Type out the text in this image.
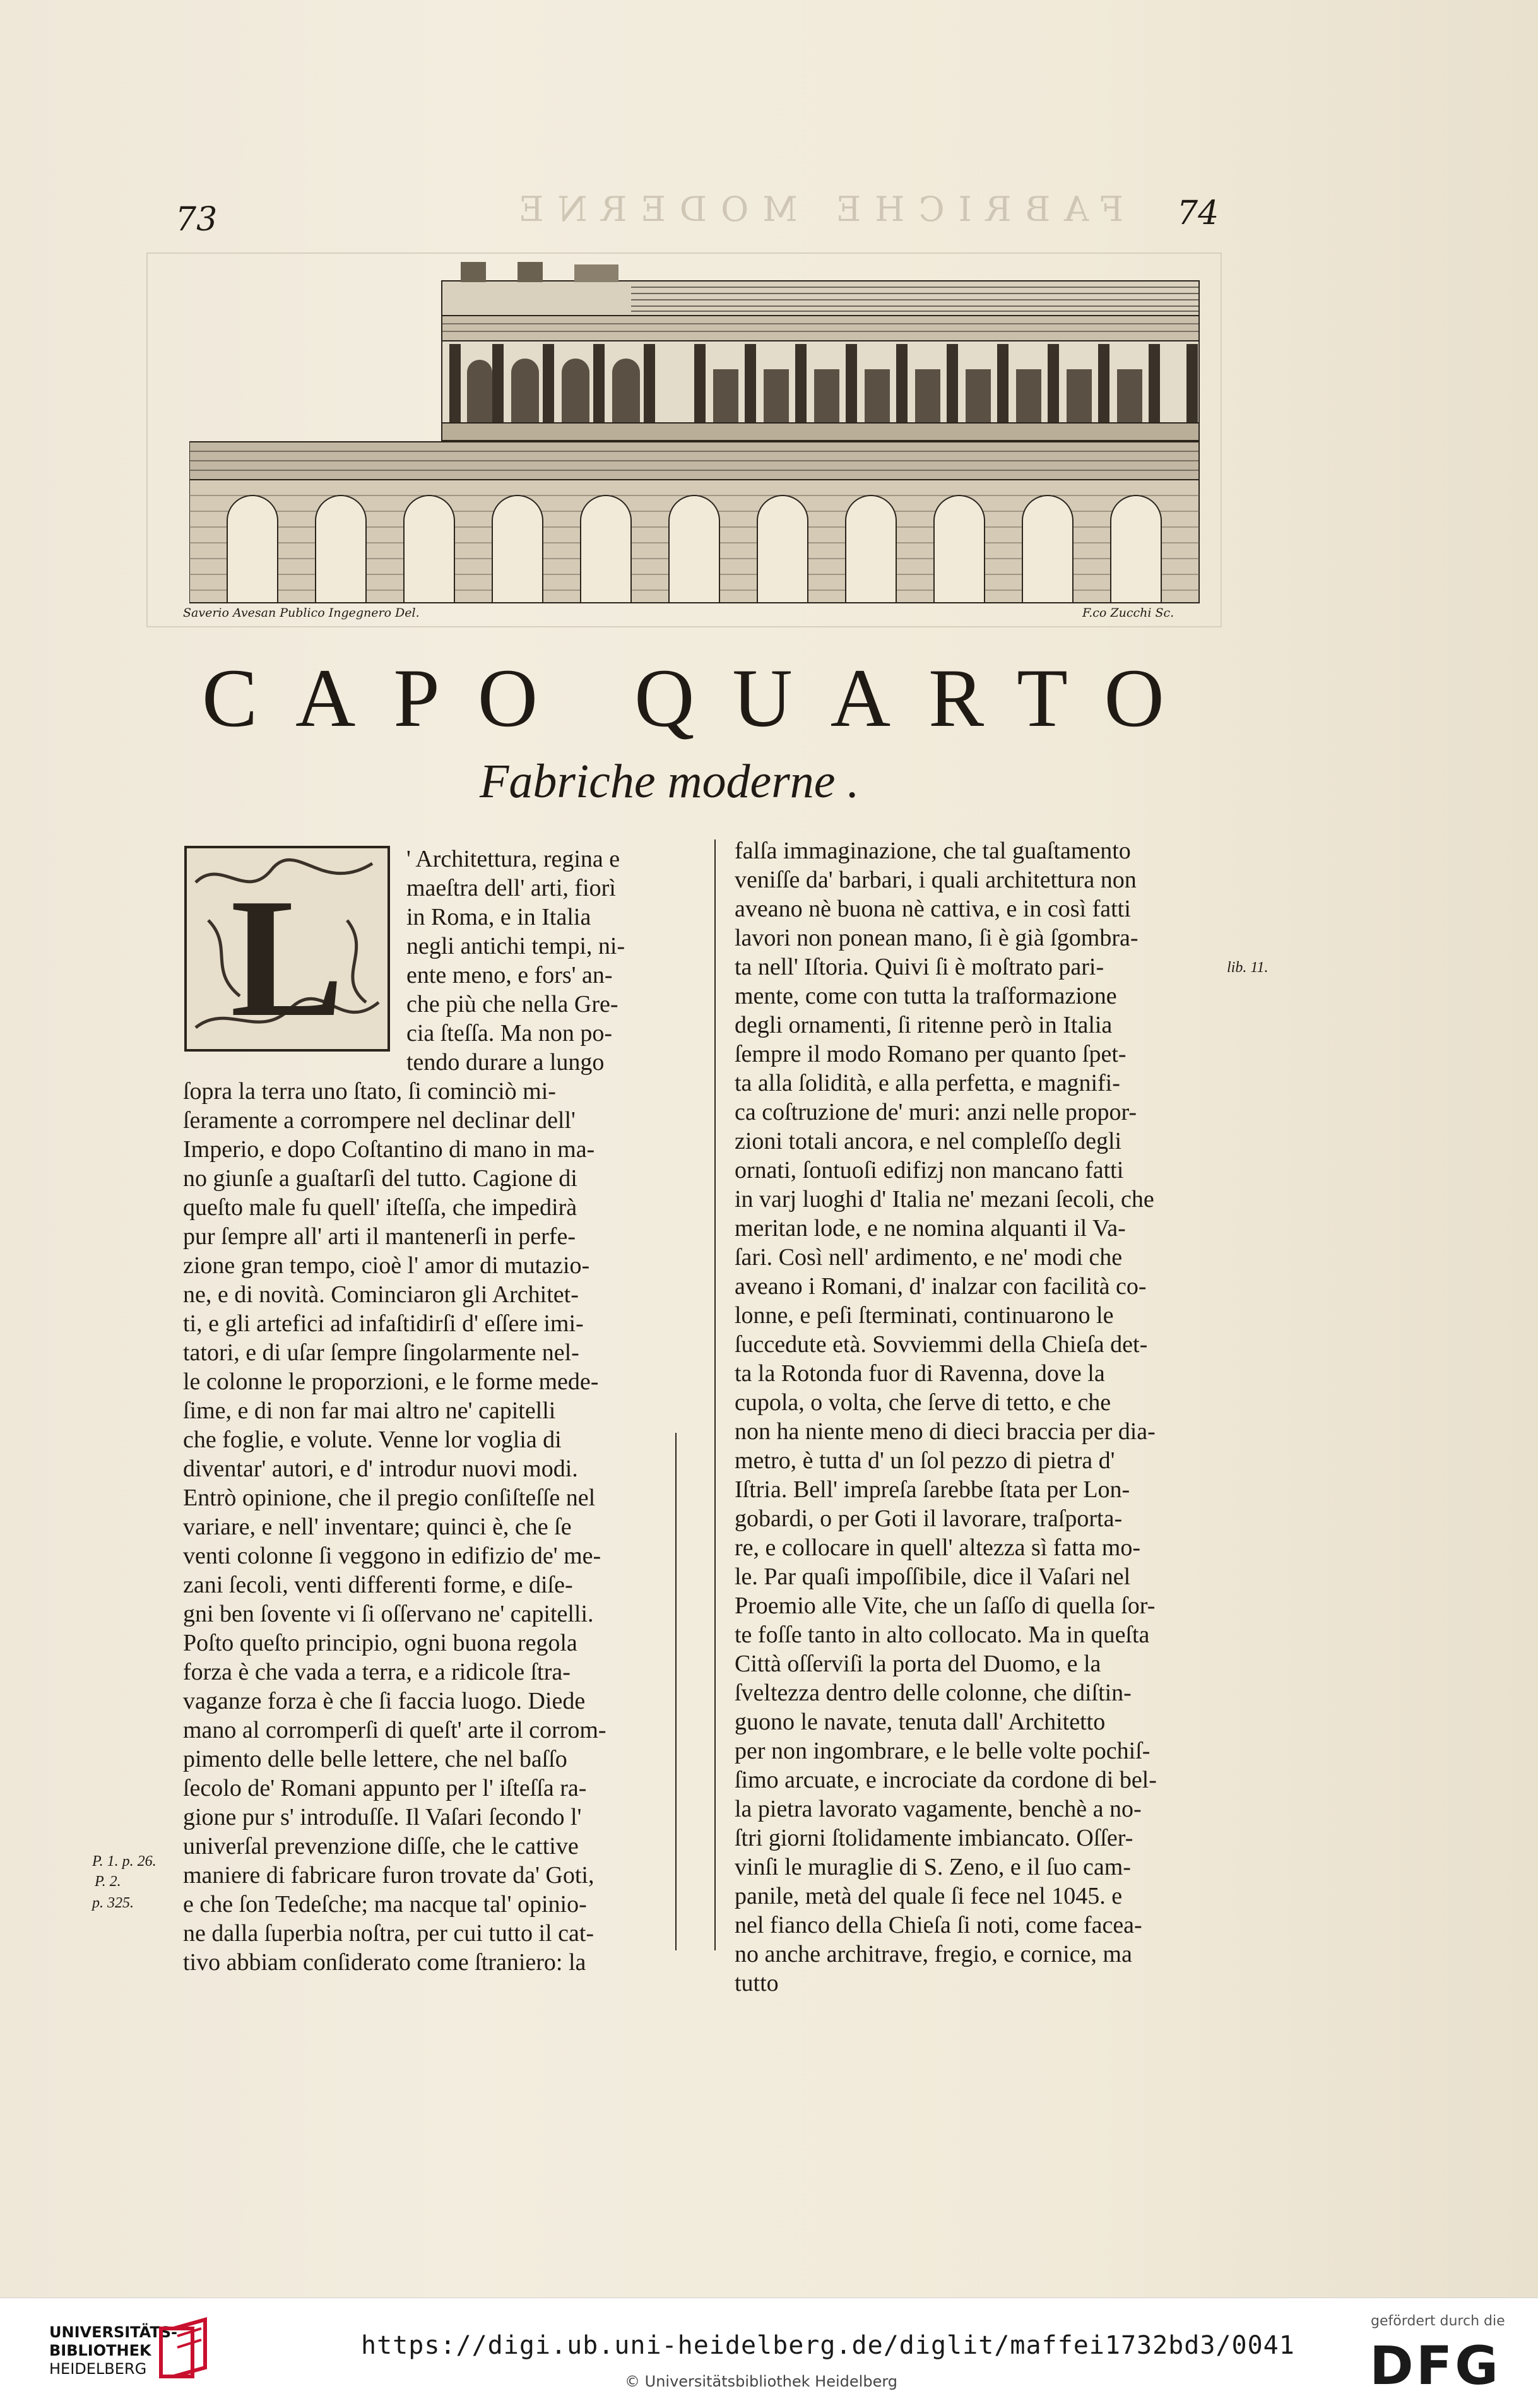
FABRICHE MODERNE
73	74
Saverio Avesan Publico Ingegnero Del.	F.co Zucchi Sc.
CAPO QUARTO
Fabriche moderne .
L
' Architettura, regina e
maeſtra dell' arti, fiorì
in Roma, e in Italia
negli antichi tempi, ni-
ente meno, e fors' an-
che più che nella Gre-
cia ſteſſa. Ma non po-
tendo durare a lungo
ſopra la terra uno ſtato, ſi cominciò mi-
ſeramente a corrompere nel declinar dell'
Imperio, e dopo Coſtantino di mano in ma-
no giunſe a guaſtarſi del tutto. Cagione di
queſto male fu quell' iſteſſa, che impedirà
pur ſempre all' arti il mantenerſi in perfe-
zione gran tempo, cioè l' amor di mutazio-
ne, e di novità. Cominciaron gli Architet-
ti, e gli artefici ad infaſtidirſi d' eſſere imi-
tatori, e di uſar ſempre ſingolarmente nel-
le colonne le proporzioni, e le forme mede-
ſime, e di non far mai altro ne' capitelli
che foglie, e volute. Venne lor voglia di
diventar' autori, e d' introdur nuovi modi.
Entrò opinione, che il pregio conſiſteſſe nel
variare, e nell' inventare; quinci è, che ſe
venti colonne ſi veggono in edifizio de' me-
zani ſecoli, venti differenti forme, e diſe-
gni ben ſovente vi ſi oſſervano ne' capitelli.
Poſto queſto principio, ogni buona regola
forza è che vada a terra, e a ridicole ſtra-
vaganze forza è che ſi faccia luogo. Diede
mano al corromperſi di queſt' arte il corrom-
pimento delle belle lettere, che nel baſſo
ſecolo de' Romani appunto per l' iſteſſa ra-
gione pur s' introduſſe. Il Vaſari ſecondo l'
univerſal prevenzione diſſe, che le cattive
maniere di fabricare furon trovate da' Goti,
e che ſon Tedeſche; ma nacque tal' opinio-
ne dalla ſuperbia noſtra, per cui tutto il cat-
tivo abbiam conſiderato come ſtraniero: la
falſa immaginazione, che tal guaſtamento
veniſſe da' barbari, i quali architettura non
aveano nè buona nè cattiva, e in così fatti
lavori non ponean mano, ſi è già ſgombra-
ta nell' Iſtoria. Quivi ſi è moſtrato pari-
mente, come con tutta la traſformazione
degli ornamenti, ſi ritenne però in Italia
ſempre il modo Romano per quanto ſpet-
ta alla ſolidità, e alla perfetta, e magnifi-
ca coſtruzione de' muri: anzi nelle propor-
zioni totali ancora, e nel compleſſo degli
ornati, ſontuoſi edifizj non mancano fatti
in varj luoghi d' Italia ne' mezani ſecoli, che
meritan lode, e ne nomina alquanti il Va-
ſari. Così nell' ardimento, e ne' modi che
aveano i Romani, d' inalzar con facilità co-
lonne, e peſi ſterminati, continuarono le
ſuccedute età. Sovviemmi della Chieſa det-
ta la Rotonda fuor di Ravenna, dove la
cupola, o volta, che ſerve di tetto, e che
non ha niente meno di dieci braccia per dia-
metro, è tutta d' un ſol pezzo di pietra d'
Iſtria. Bell' impreſa ſarebbe ſtata per Lon-
gobardi, o per Goti il lavorare, traſporta-
re, e collocare in quell' altezza sì fatta mo-
le. Par quaſi impoſſibile, dice il Vaſari nel
Proemio alle Vite, che un ſaſſo di quella ſor-
te foſſe tanto in alto collocato. Ma in queſta
Città oſſerviſi la porta del Duomo, e la
ſveltezza dentro delle colonne, che diſtin-
guono le navate, tenuta dall' Architetto
per non ingombrare, e le belle volte pochiſ-
ſimo arcuate, e incrociate da cordone di bel-
la pietra lavorato vagamente, benchè a no-
ſtri giorni ſtolidamente imbiancato. Oſſer-
vinſi le muraglie di S. Zeno, e il ſuo cam-
panile, metà del quale ſi fece nel 1045. e
nel fianco della Chieſa ſi noti, come facea-
no anche architrave, fregio, e cornice, ma
tutto
lib. 11.
P. 1. p. 26.
P. 2.
p. 325.
UNIVERSITÄTS-
BIBLIOTHEK
HEIDELBERG
https://digi.ub.uni-heidelberg.de/diglit/maffei1732bd3/0041
© Universitätsbibliothek Heidelberg
gefördert durch die
DFG
